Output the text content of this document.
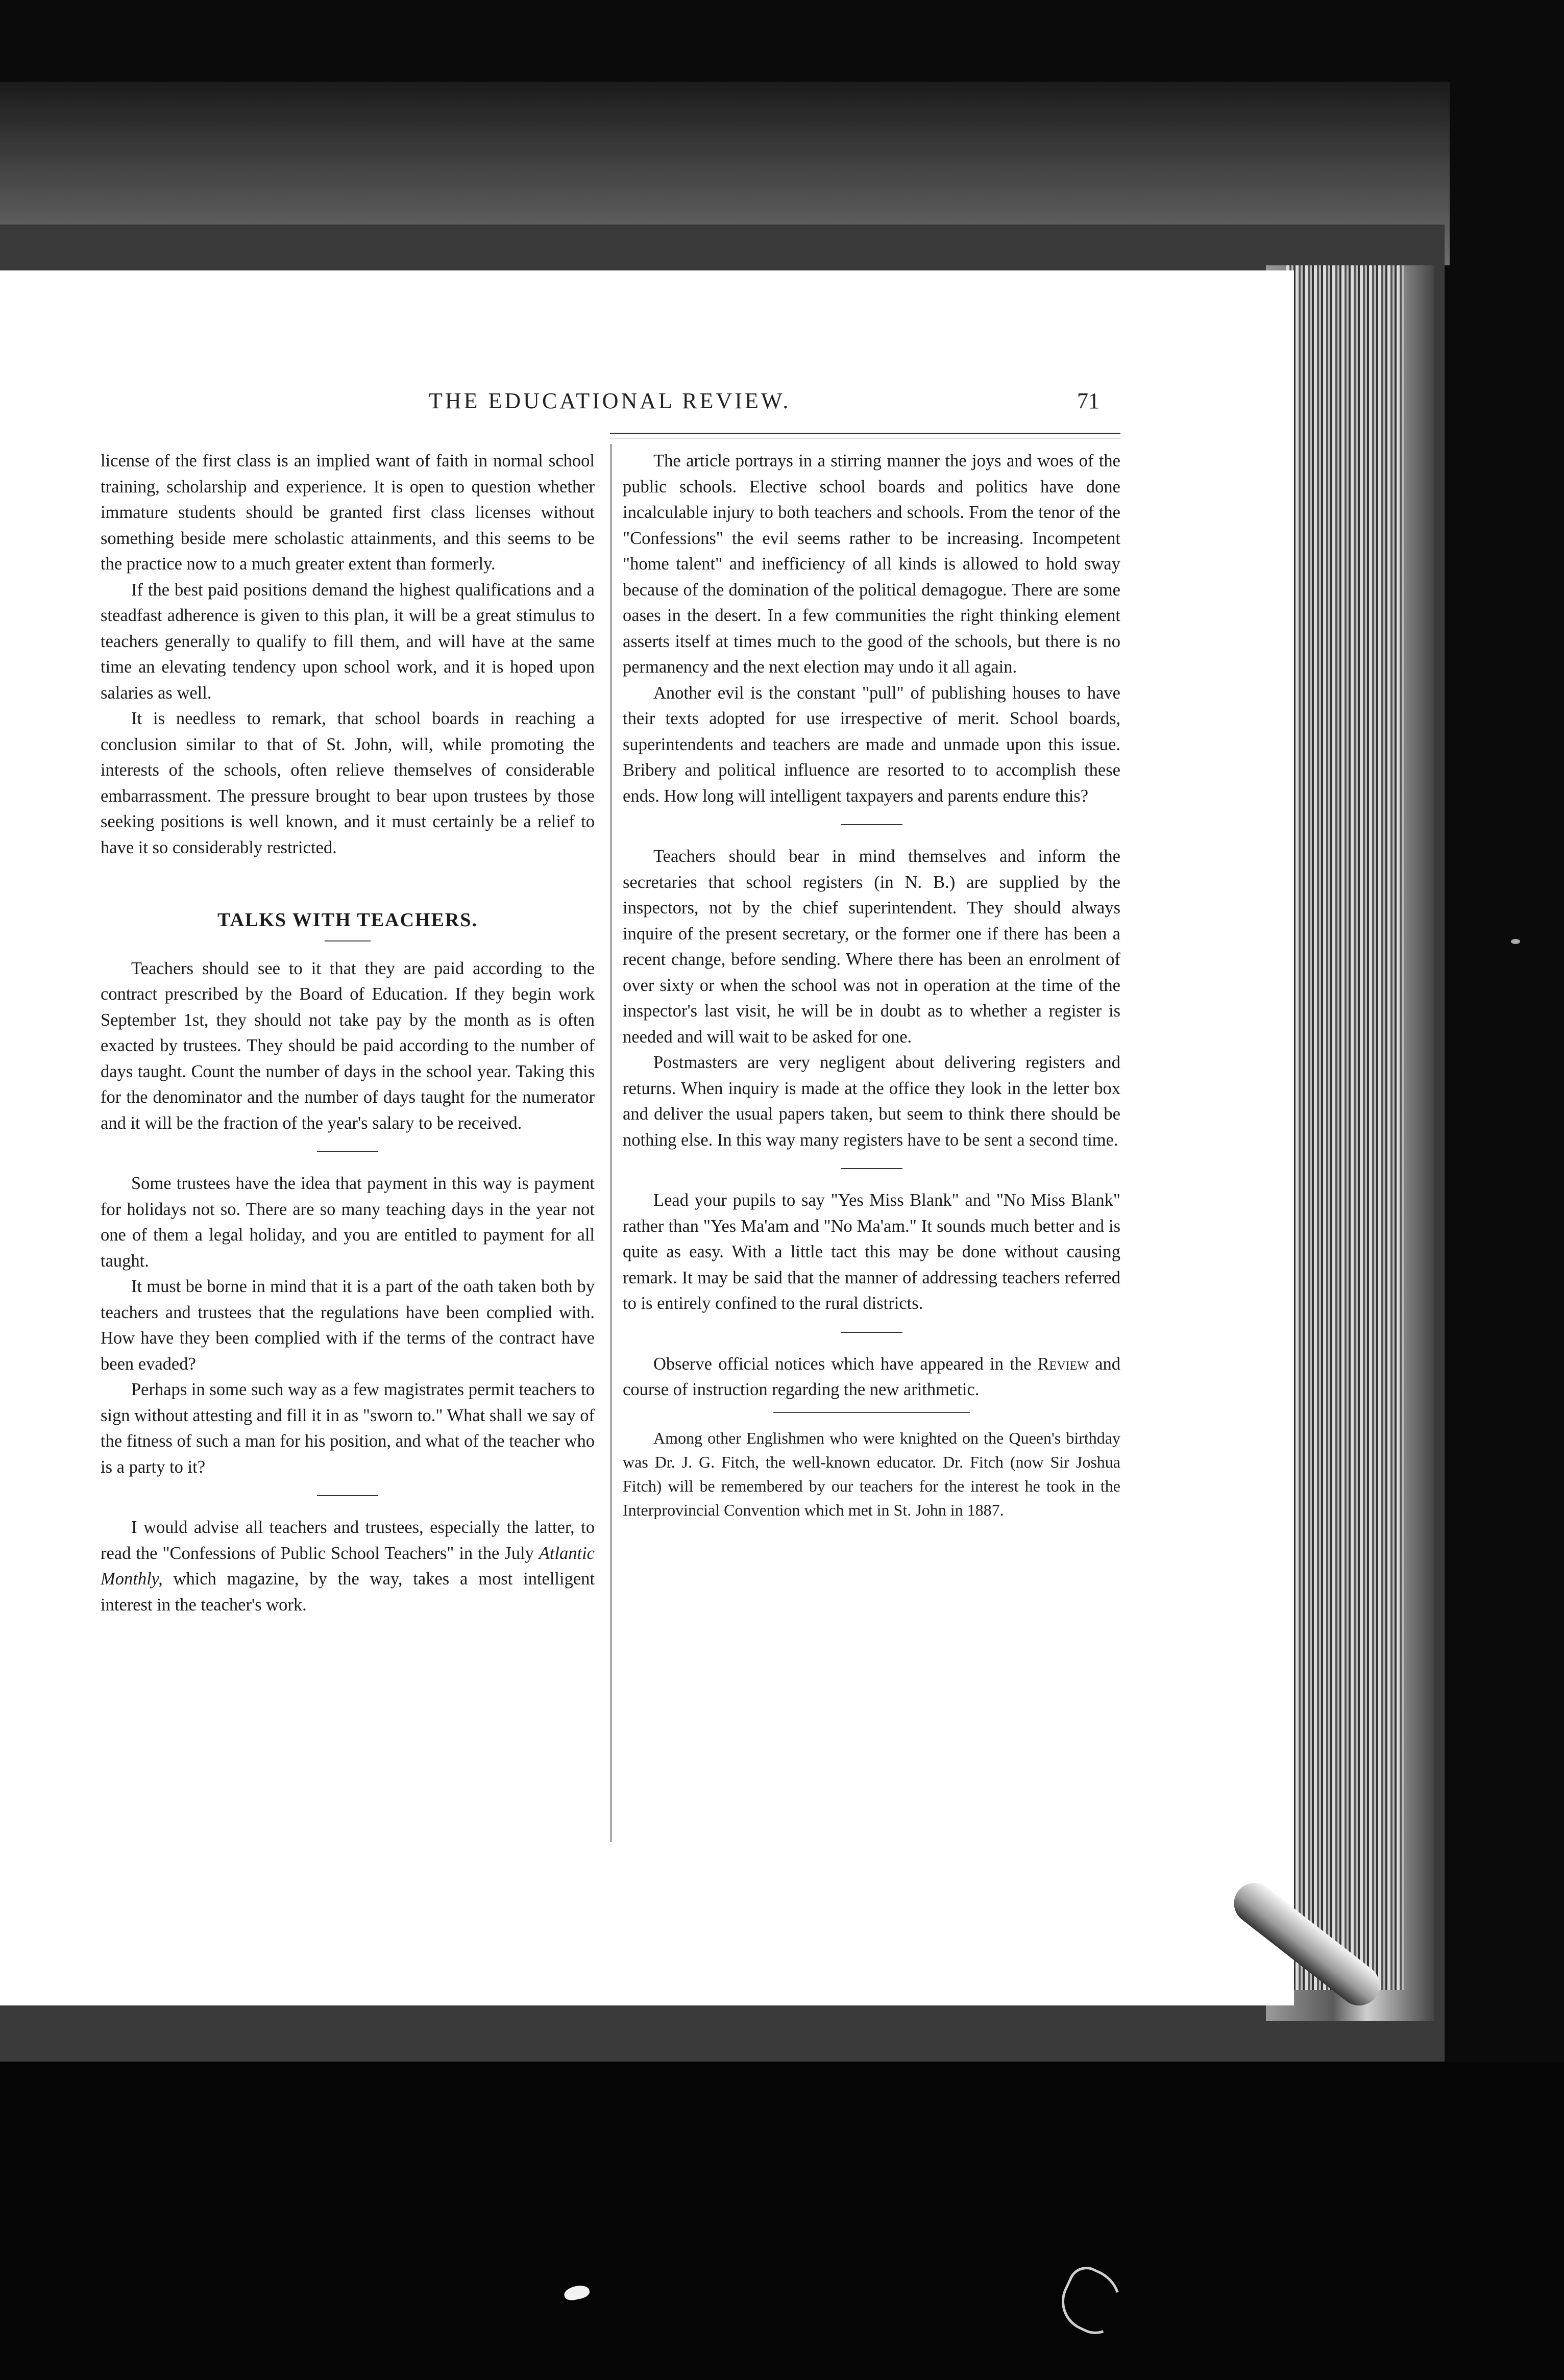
THE EDUCATIONAL REVIEW.	71

license of the first class is an implied want of faith in normal school training, scholarship and experience. It is open to question whether immature students should be granted first class licenses without something beside mere scholastic attainments, and this seems to be the practice now to a much greater extent than formerly.

If the best paid positions demand the highest qualifications and a steadfast adherence is given to this plan, it will be a great stimulus to teachers generally to qualify to fill them, and will have at the same time an elevating tendency upon school work, and it is hoped upon salaries as well.

It is needless to remark, that school boards in reaching a conclusion similar to that of St. John, will, while promoting the interests of the schools, often relieve themselves of considerable embarrassment. The pressure brought to bear upon trustees by those seeking positions is well known, and it must certainly be a relief to have it so considerably restricted.

TALKS WITH TEACHERS.

Teachers should see to it that they are paid according to the contract prescribed by the Board of Education. If they begin work September 1st, they should not take pay by the month as is often exacted by trustees. They should be paid according to the number of days taught. Count the number of days in the school year. Taking this for the denominator and the number of days taught for the numerator and it will be the fraction of the year's salary to be received.

Some trustees have the idea that payment in this way is payment for holidays not so. There are so many teaching days in the year not one of them a legal holiday, and you are entitled to payment for all taught.

It must be borne in mind that it is a part of the oath taken both by teachers and trustees that the regulations have been complied with. How have they been complied with if the terms of the contract have been evaded?

Perhaps in some such way as a few magistrates permit teachers to sign without attesting and fill it in as "sworn to." What shall we say of the fitness of such a man for his position, and what of the teacher who is a party to it?

I would advise all teachers and trustees, especially the latter, to read the "Confessions of Public School Teachers" in the July Atlantic Monthly, which magazine, by the way, takes a most intelligent interest in the teacher's work.

The article portrays in a stirring manner the joys and woes of the public schools. Elective school boards and politics have done incalculable injury to both teachers and schools. From the tenor of the "Confessions" the evil seems rather to be increasing. Incompetent "home talent" and inefficiency of all kinds is allowed to hold sway because of the domination of the political demagogue. There are some oases in the desert. In a few communities the right thinking element asserts itself at times much to the good of the schools, but there is no permanency and the next election may undo it all again.

Another evil is the constant "pull" of publishing houses to have their texts adopted for use irrespective of merit. School boards, superintendents and teachers are made and unmade upon this issue. Bribery and political influence are resorted to to accomplish these ends. How long will intelligent taxpayers and parents endure this?

Teachers should bear in mind themselves and inform the secretaries that school registers (in N. B.) are supplied by the inspectors, not by the chief superintendent. They should always inquire of the present secretary, or the former one if there has been a recent change, before sending. Where there has been an enrolment of over sixty or when the school was not in operation at the time of the inspector's last visit, he will be in doubt as to whether a register is needed and will wait to be asked for one.

Postmasters are very negligent about delivering registers and returns. When inquiry is made at the office they look in the letter box and deliver the usual papers taken, but seem to think there should be nothing else. In this way many registers have to be sent a second time.

Lead your pupils to say "Yes Miss Blank" and "No Miss Blank" rather than "Yes Ma'am and "No Ma'am." It sounds much better and is quite as easy. With a little tact this may be done without causing remark. It may be said that the manner of addressing teachers referred to is entirely confined to the rural districts.

Observe official notices which have appeared in the Review and course of instruction regarding the new arithmetic.

Among other Englishmen who were knighted on the Queen's birthday was Dr. J. G. Fitch, the well-known educator. Dr. Fitch (now Sir Joshua Fitch) will be remembered by our teachers for the interest he took in the Interprovincial Convention which met in St. John in 1887.
